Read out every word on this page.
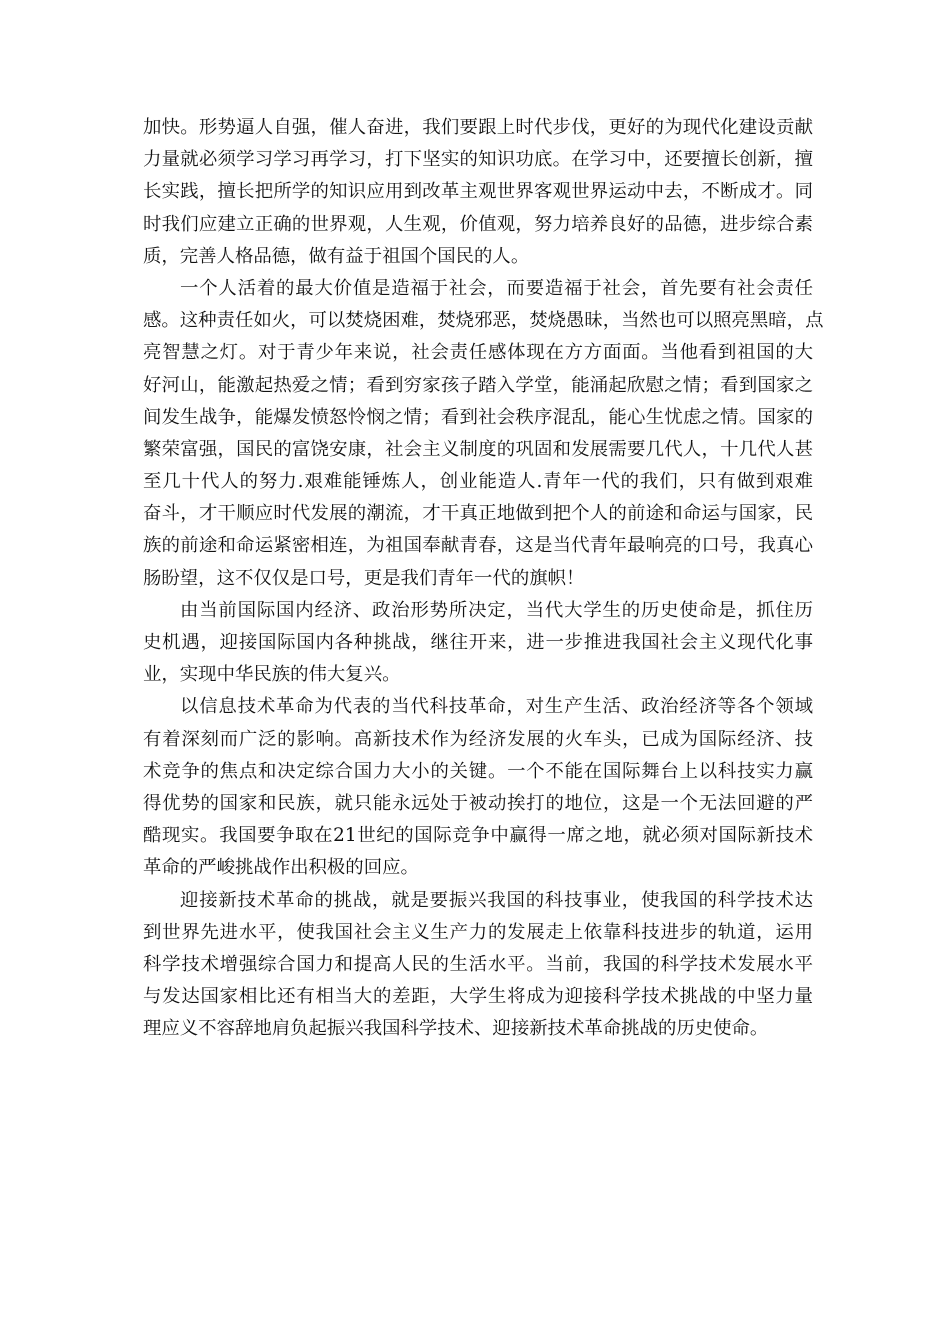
加快。形势逼人自强，催人奋进，我们要跟上时代步伐，更好的为现代化建设贡献
力量就必须学习学习再学习，打下坚实的知识功底。在学习中，还要擅长创新，擅
长实践，擅长把所学的知识应用到改革主观世界客观世界运动中去，不断成才。同
时我们应建立正确的世界观，人生观，价值观，努力培养良好的品德，进步综合素
质，完善人格品德，做有益于祖国个国民的人。
一个人活着的最大价值是造福于社会，而要造福于社会，首先要有社会责任
感。这种责任如火，可以焚烧困难，焚烧邪恶，焚烧愚昧，当然也可以照亮黑暗，点
亮智慧之灯。对于青少年来说，社会责任感体现在方方面面。当他看到祖国的大
好河山，能激起热爱之情；看到穷家孩子踏入学堂，能涌起欣慰之情；看到国家之
间发生战争，能爆发愤怒怜悯之情；看到社会秩序混乱，能心生忧虑之情。国家的
繁荣富强，国民的富饶安康，社会主义制度的巩固和发展需要几代人，十几代人甚
至几十代人的努力.艰难能锤炼人，创业能造人.青年一代的我们，只有做到艰难
奋斗，才干顺应时代发展的潮流，才干真正地做到把个人的前途和命运与国家，民
族的前途和命运紧密相连，为祖国奉献青春，这是当代青年最响亮的口号，我真心
肠盼望，这不仅仅是口号，更是我们青年一代的旗帜！
由当前国际国内经济、政治形势所决定，当代大学生的历史使命是，抓住历
史机遇，迎接国际国内各种挑战，继往开来，进一步推进我国社会主义现代化事
业，实现中华民族的伟大复兴。
以信息技术革命为代表的当代科技革命，对生产生活、政治经济等各个领域
有着深刻而广泛的影响。高新技术作为经济发展的火车头，已成为国际经济、技
术竞争的焦点和决定综合国力大小的关键。一个不能在国际舞台上以科技实力赢
得优势的国家和民族，就只能永远处于被动挨打的地位，这是一个无法回避的严
酷现实。我国要争取在21世纪的国际竞争中赢得一席之地，就必须对国际新技术
革命的严峻挑战作出积极的回应。
迎接新技术革命的挑战，就是要振兴我国的科技事业，使我国的科学技术达
到世界先进水平，使我国社会主义生产力的发展走上依靠科技进步的轨道，运用
科学技术增强综合国力和提高人民的生活水平。当前，我国的科学技术发展水平
与发达国家相比还有相当大的差距，大学生将成为迎接科学技术挑战的中坚力量
理应义不容辞地肩负起振兴我国科学技术、迎接新技术革命挑战的历史使命。
